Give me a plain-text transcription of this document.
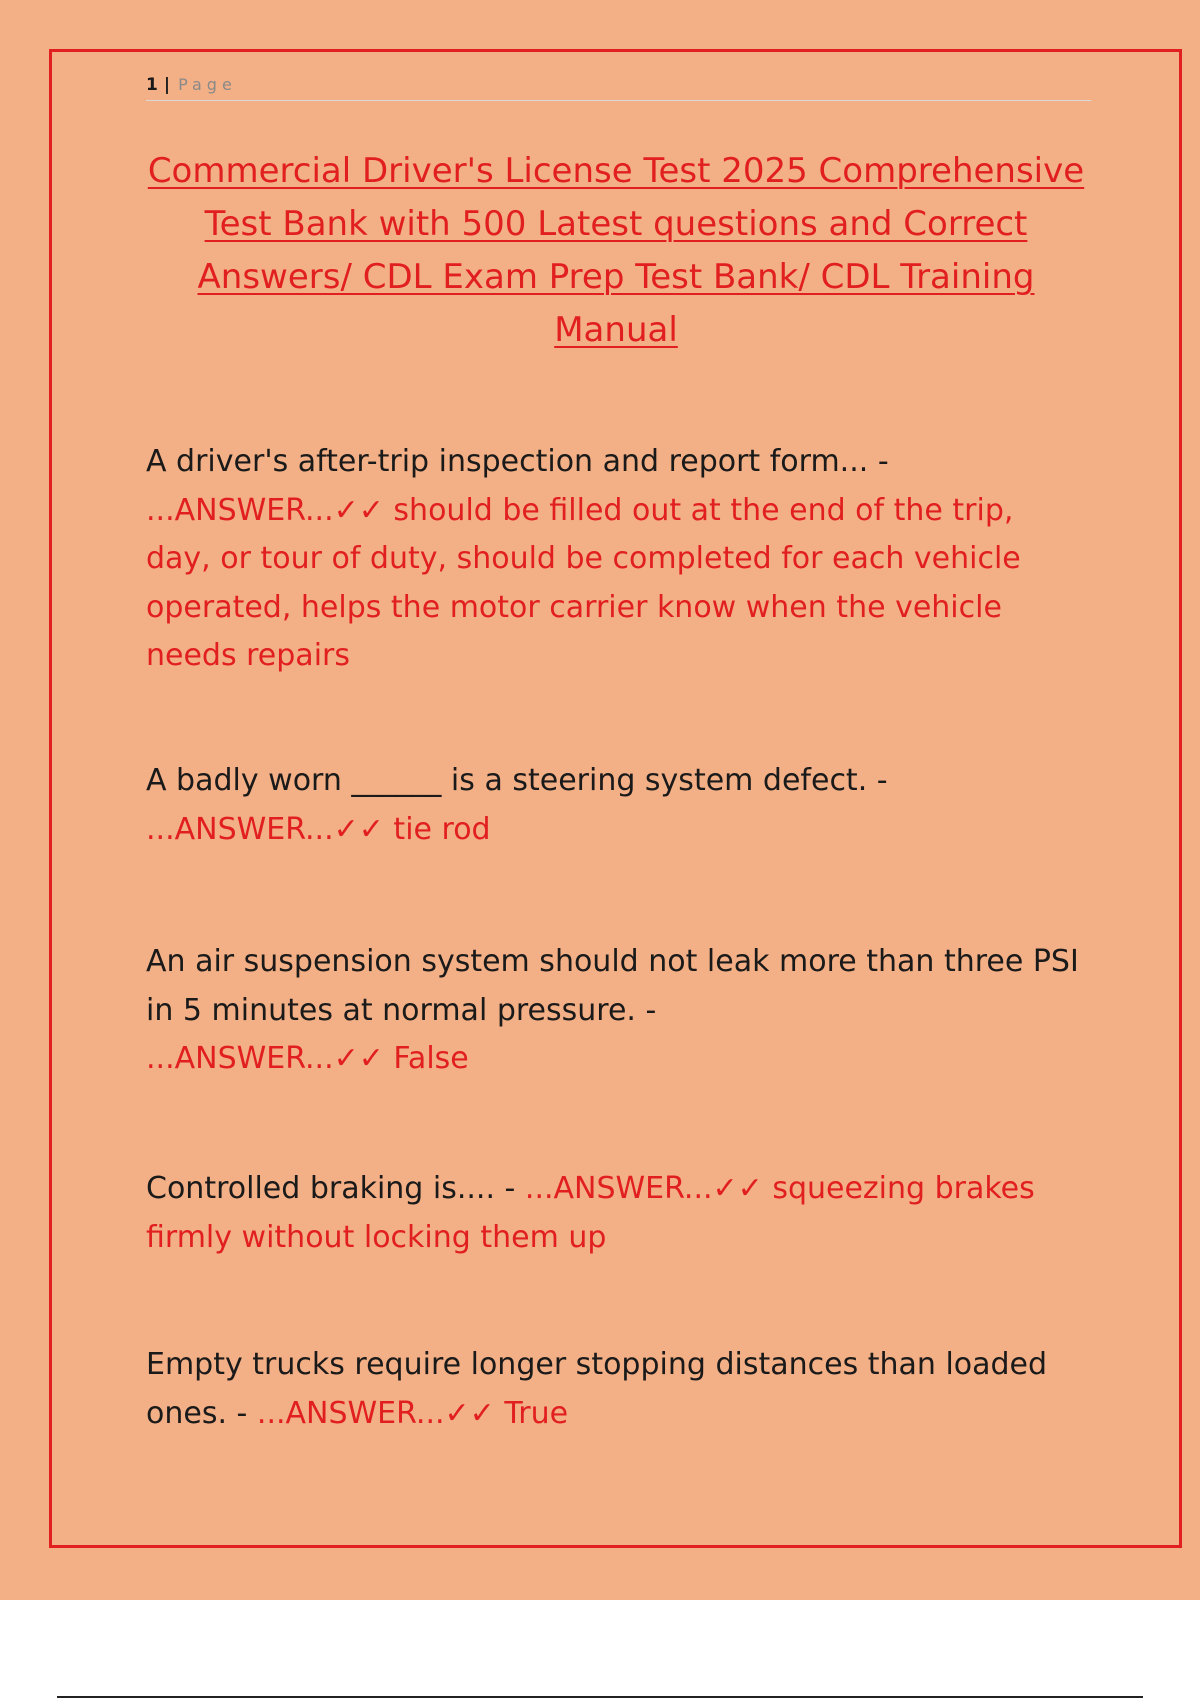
1 | Page
Commercial Driver's License Test 2025 Comprehensive Test Bank with 500 Latest questions and Correct Answers/ CDL Exam Prep Test Bank/ CDL Training Manual

A driver's after-trip inspection and report form... -
...ANSWER...✓✓ should be filled out at the end of the trip, day, or tour of duty, should be completed for each vehicle operated, helps the motor carrier know when the vehicle needs repairs

A badly worn ______ is a steering system defect. -
...ANSWER...✓✓ tie rod

An air suspension system should not leak more than three PSI in 5 minutes at normal pressure. -
...ANSWER...✓✓ False

Controlled braking is.... - ...ANSWER...✓✓ squeezing brakes firmly without locking them up

Empty trucks require longer stopping distances than loaded ones. - ...ANSWER...✓✓ True
